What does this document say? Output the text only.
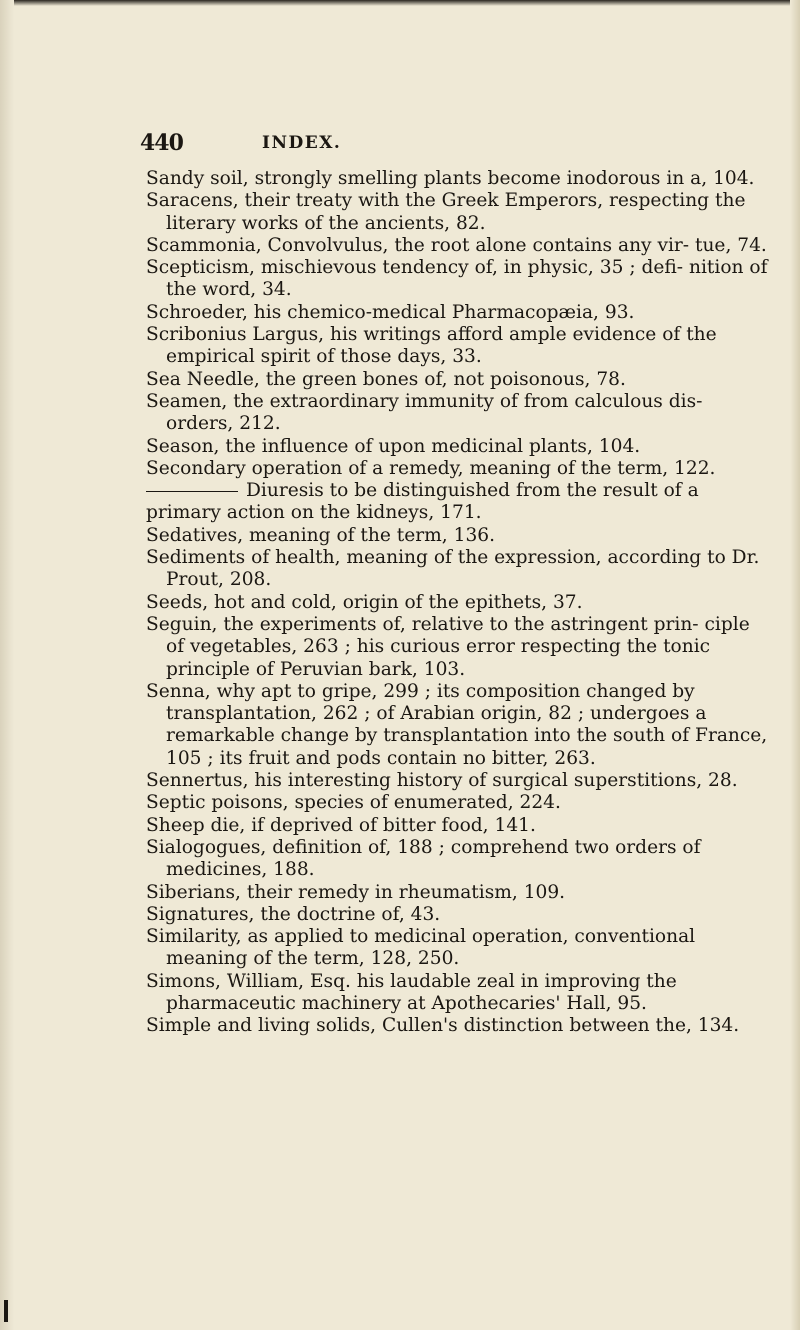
440	INDEX.

Sandy soil, strongly smelling plants become inodorous in a, 104.

Saracens, their treaty with the Greek Emperors, respecting the literary works of the ancients, 82.

Scammonia, Convolvulus, the root alone contains any vir- tue, 74.

Scepticism, mischievous tendency of, in physic, 35 ; defi- nition of the word, 34.

Schroeder, his chemico-medical Pharmacopæia, 93.

Scribonius Largus, his writings afford ample evidence of the empirical spirit of those days, 33.

Sea Needle, the green bones of, not poisonous, 78.

Seamen, the extraordinary immunity of from calculous dis- orders, 212.

Season, the influence of upon medicinal plants, 104.

Secondary operation of a remedy, meaning of the term, 122.

Diuresis to be distinguished from the result of a primary action on the kidneys, 171.

Sedatives, meaning of the term, 136.

Sediments of health, meaning of the expression, according to Dr. Prout, 208.

Seeds, hot and cold, origin of the epithets, 37.

Seguin, the experiments of, relative to the astringent prin- ciple of vegetables, 263 ; his curious error respecting the tonic principle of Peruvian bark, 103.

Senna, why apt to gripe, 299 ; its composition changed by transplantation, 262 ; of Arabian origin, 82 ; undergoes a remarkable change by transplantation into the south of France, 105 ; its fruit and pods contain no bitter, 263.

Sennertus, his interesting history of surgical superstitions, 28.

Septic poisons, species of enumerated, 224.

Sheep die, if deprived of bitter food, 141.

Sialogogues, definition of, 188 ; comprehend two orders of medicines, 188.

Siberians, their remedy in rheumatism, 109.

Signatures, the doctrine of, 43.

Similarity, as applied to medicinal operation, conventional meaning of the term, 128, 250.

Simons, William, Esq. his laudable zeal in improving the pharmaceutic machinery at Apothecaries' Hall, 95.

Simple and living solids, Cullen's distinction between the, 134.
